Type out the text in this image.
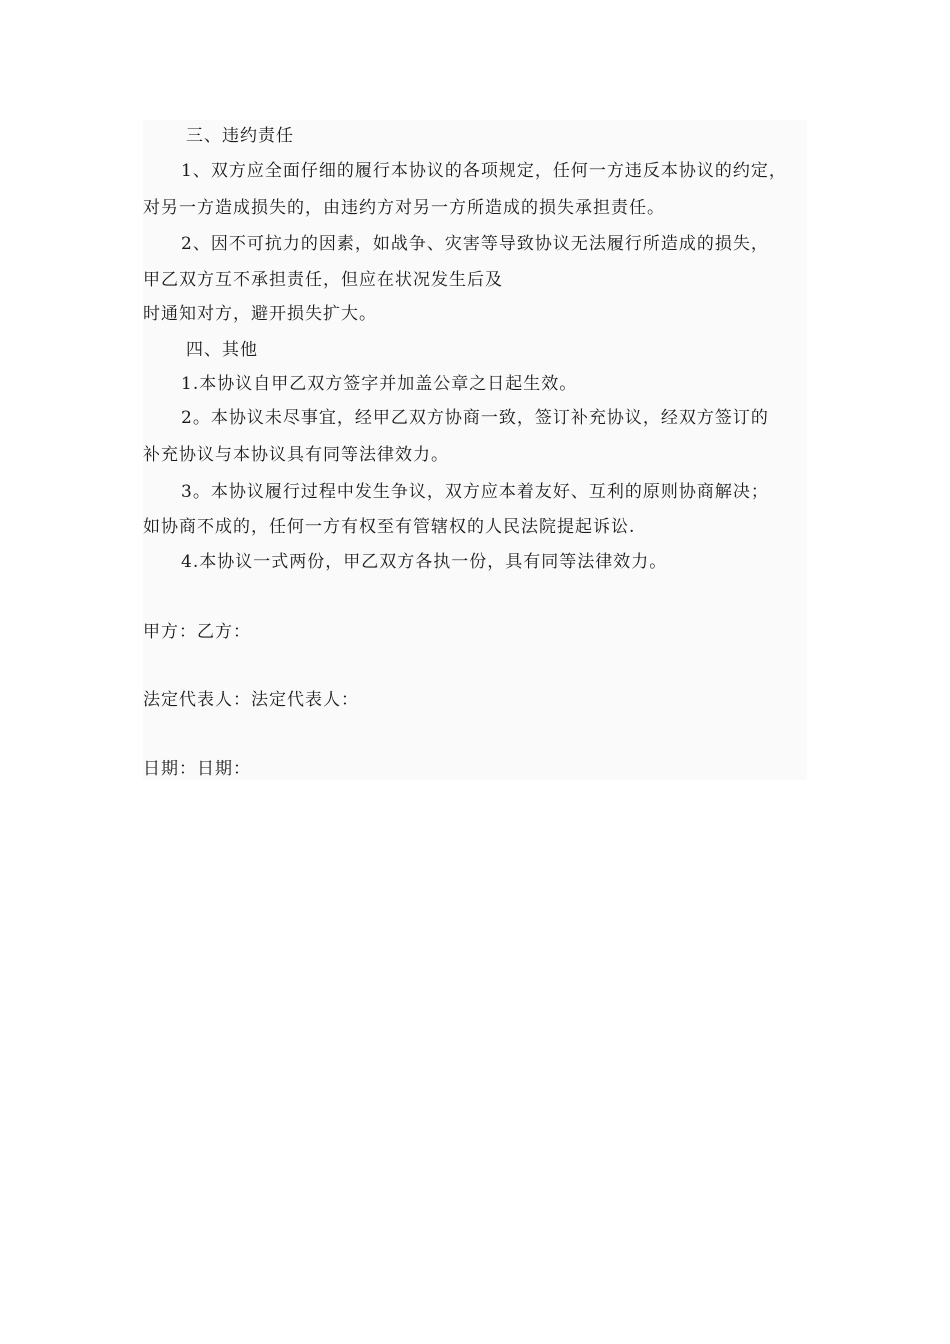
三、违约责任
1、双方应全面仔细的履行本协议的各项规定，任何一方违反本协议的约定，
对另一方造成损失的，由违约方对另一方所造成的损失承担责任。
2、因不可抗力的因素，如战争、灾害等导致协议无法履行所造成的损失，
甲乙双方互不承担责任，但应在状况发生后及
时通知对方，避开损失扩大。
四、其他
1.本协议自甲乙双方签字并加盖公章之日起生效。
2。本协议未尽事宜，经甲乙双方协商一致，签订补充协议，经双方签订的
补充协议与本协议具有同等法律效力。
3。本协议履行过程中发生争议，双方应本着友好、互利的原则协商解决；
如协商不成的，任何一方有权至有管辖权的人民法院提起诉讼.
4.本协议一式两份，甲乙双方各执一份，具有同等法律效力。
甲方：乙方：
法定代表人：法定代表人：
日期：日期：
